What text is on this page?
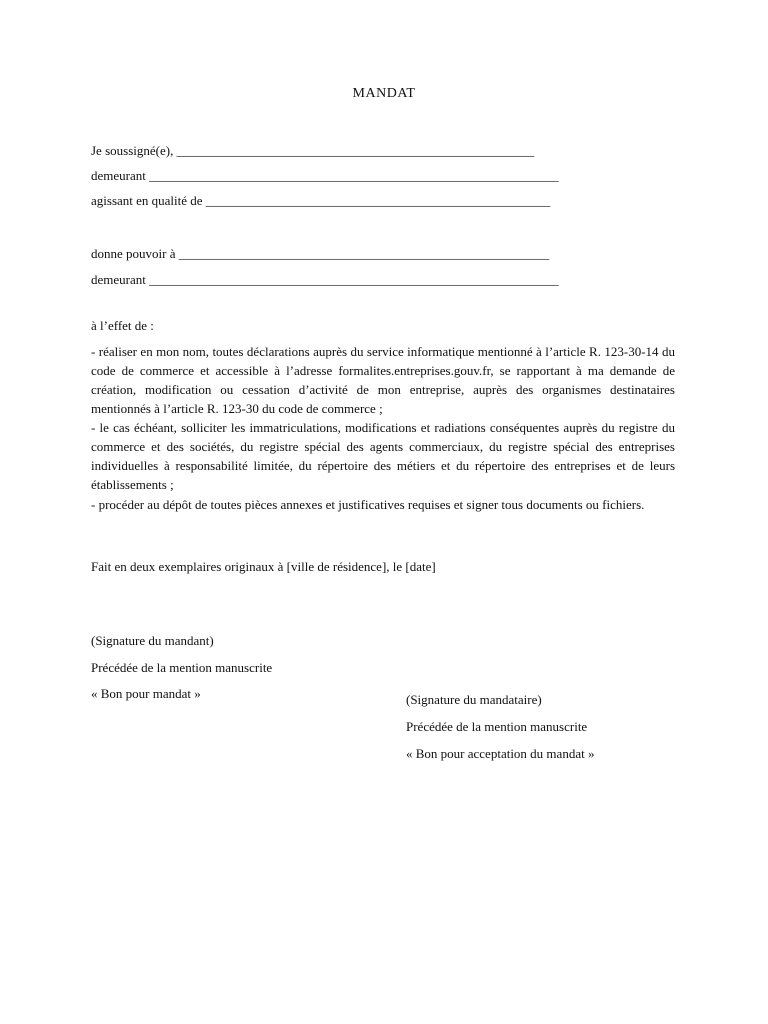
MANDAT
Je soussigné(e), _______________________________________________________
demeurant _______________________________________________________________
agissant en qualité de _____________________________________________________
donne pouvoir à _________________________________________________________
demeurant _______________________________________________________________
à l’effet de :
- réaliser en mon nom, toutes déclarations auprès du service informatique mentionné à l’article R. 123-30-14 du code de commerce et accessible à l’adresse formalites.entreprises.gouv.fr, se rapportant à ma demande de création, modification ou cessation d’activité de mon entreprise, auprès des organismes destinataires mentionnés à l’article R. 123-30 du code de commerce ;
- le cas échéant, solliciter les immatriculations, modifications et radiations conséquentes auprès du registre du commerce et des sociétés, du registre spécial des agents commerciaux, du registre spécial des entreprises individuelles à responsabilité limitée, du répertoire des métiers et du répertoire des entreprises et de leurs établissements ;
- procéder au dépôt de toutes pièces annexes et justificatives requises et signer tous documents ou fichiers.
Fait en deux exemplaires originaux à [ville de résidence], le [date]
(Signature du mandant)
Précédée de la mention manuscrite
« Bon pour mandat »	(Signature du mandataire)
Précédée de la mention manuscrite
« Bon pour acceptation du mandat »
